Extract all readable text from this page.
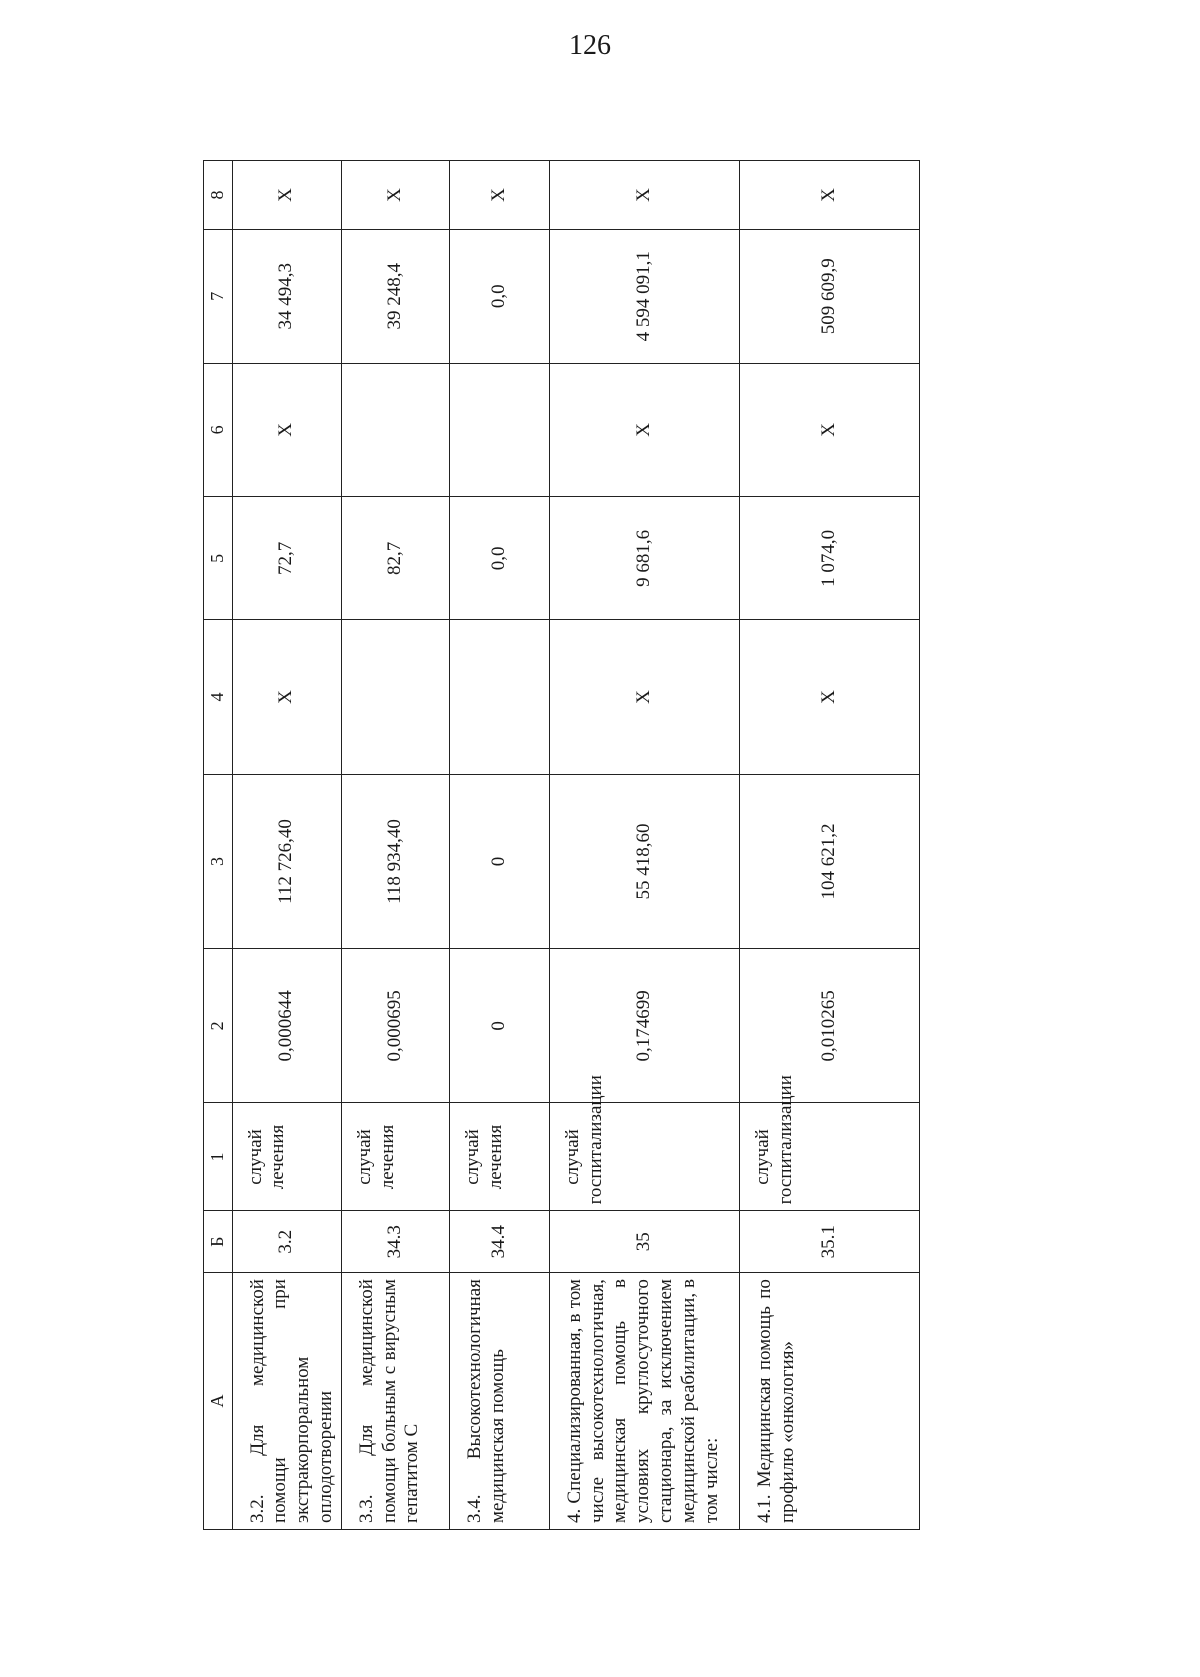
126
А	Б	1	2	3	4	5	6	7	8
3.2. Для медицинской помощи при экстракорпоральном оплодотворении	3.2	случай лечения	0,000644	112 726,40	Х	72,7	Х	34 494,3	Х
3.3. Для медицинской помощи больным с вирусным гепатитом С	34.3	случай лечения	0,000695	118 934,40		82,7		39 248,4	Х
3.4. Высокотехнологичная медицинская помощь	34.4	случай лечения	0	0		0,0		0,0	Х
4. Специализированная, в том числе высокотехнологичная, медицинская помощь в условиях круглосуточного стационара, за исключением медицинской реабилитации, в том числе:	35	случай госпитализации	0,174699	55 418,60	Х	9 681,6	Х	4 594 091,1	Х
4.1. Медицинская помощь по профилю «онкология»	35.1	случай госпитализации	0,010265	104 621,2	Х	1 074,0	Х	509 609,9	Х
